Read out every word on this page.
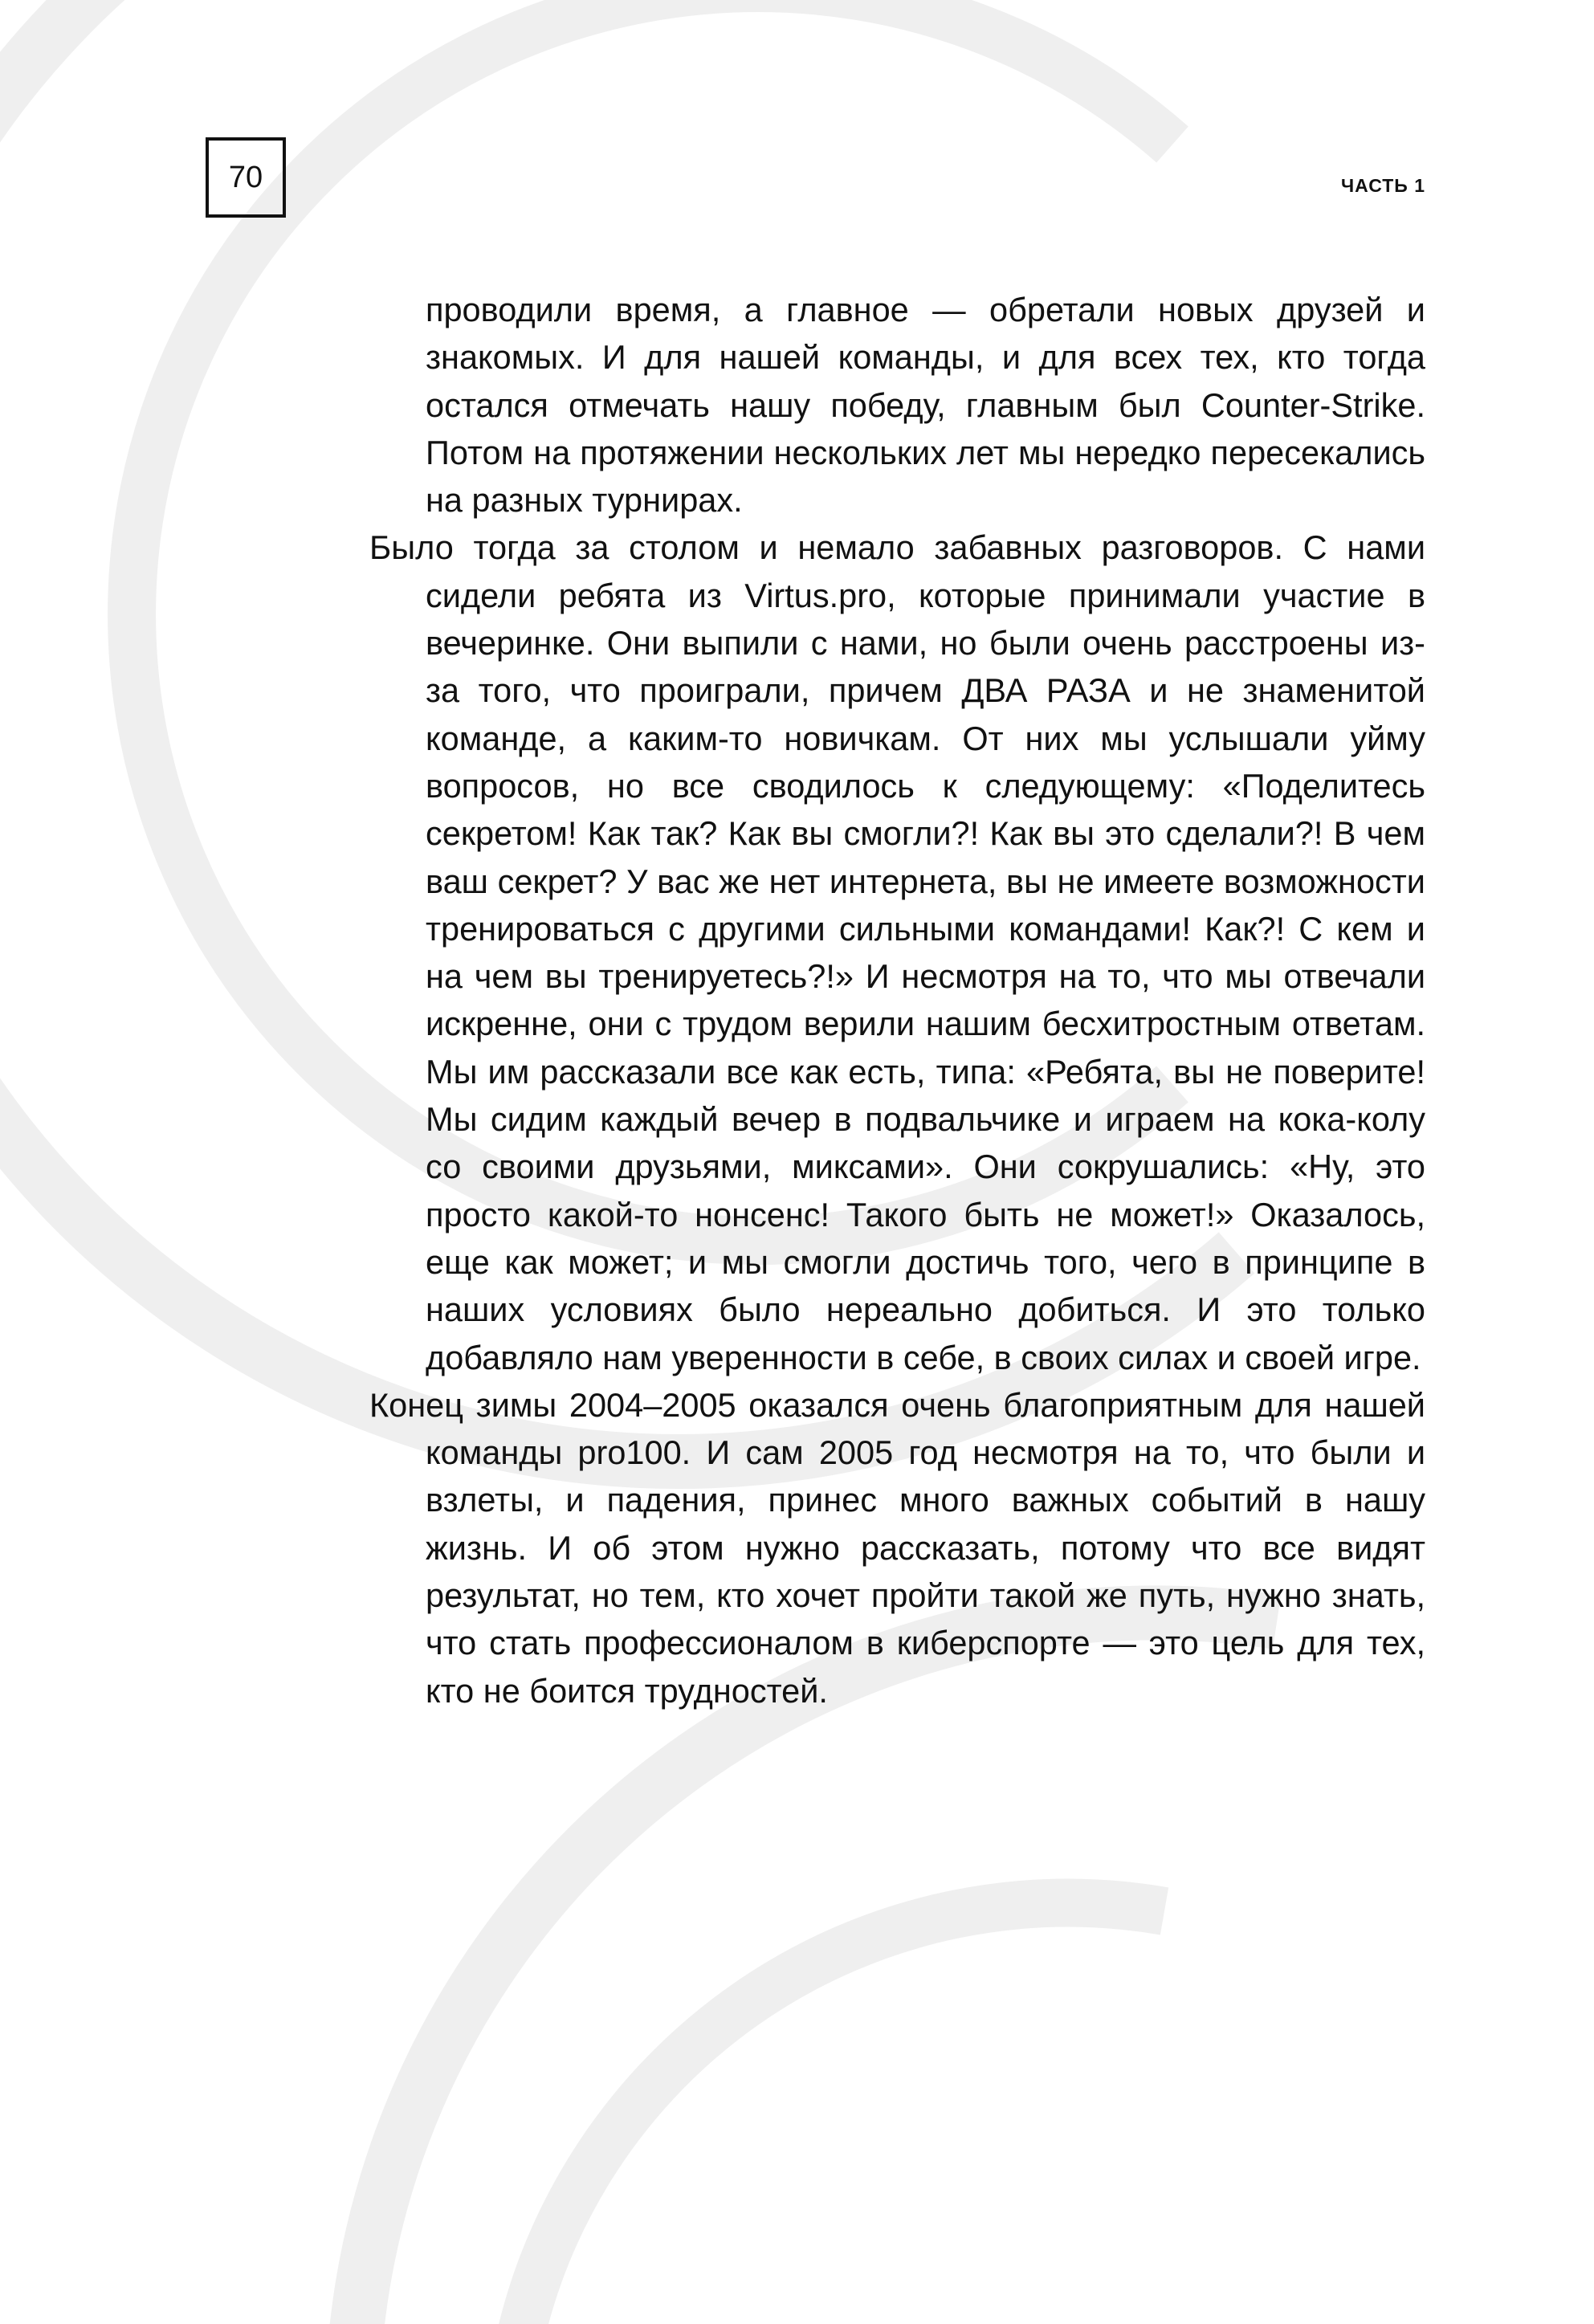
70	ЧАСТЬ 1

проводили время, а главное — обретали новых друзей и знакомых. И для нашей команды, и для всех тех, кто тогда остался отмечать нашу победу, главным был Counter-Strike. Потом на протяжении нескольких лет мы нередко пересекались на разных турнирах.

Было тогда за столом и немало забавных разговоров. С нами сидели ребята из Virtus.pro, которые принимали участие в вечеринке. Они выпили с нами, но были очень расстроены из-за того, что проиграли, причем ДВА РАЗА и не знаменитой команде, а каким-то новичкам. От них мы услышали уйму вопросов, но все сводилось к следующему: «Поделитесь секретом! Как так? Как вы смогли?! Как вы это сделали?! В чем ваш секрет? У вас же нет интернета, вы не имеете возможности тренироваться с другими сильными командами! Как?! С кем и на чем вы тренируетесь?!» И несмотря на то, что мы отвечали искренне, они с трудом верили нашим бесхитростным ответам. Мы им рассказали все как есть, типа: «Ребята, вы не поверите! Мы сидим каждый вечер в подвальчике и играем на кока-колу со своими друзьями, миксами». Они сокрушались: «Ну, это просто какой-то нонсенс! Такого быть не может!» Оказалось, еще как может; и мы смогли достичь того, чего в принципе в наших условиях было нереально добиться. И это только добавляло нам уверенности в себе, в своих силах и своей игре.

Конец зимы 2004–2005 оказался очень благоприятным для нашей команды pro100. И сам 2005 год несмотря на то, что были и взлеты, и падения, принес много важных событий в нашу жизнь. И об этом нужно рассказать, потому что все видят результат, но тем, кто хочет пройти такой же путь, нужно знать, что стать профессионалом в киберспорте — это цель для тех, кто не боится трудностей.
